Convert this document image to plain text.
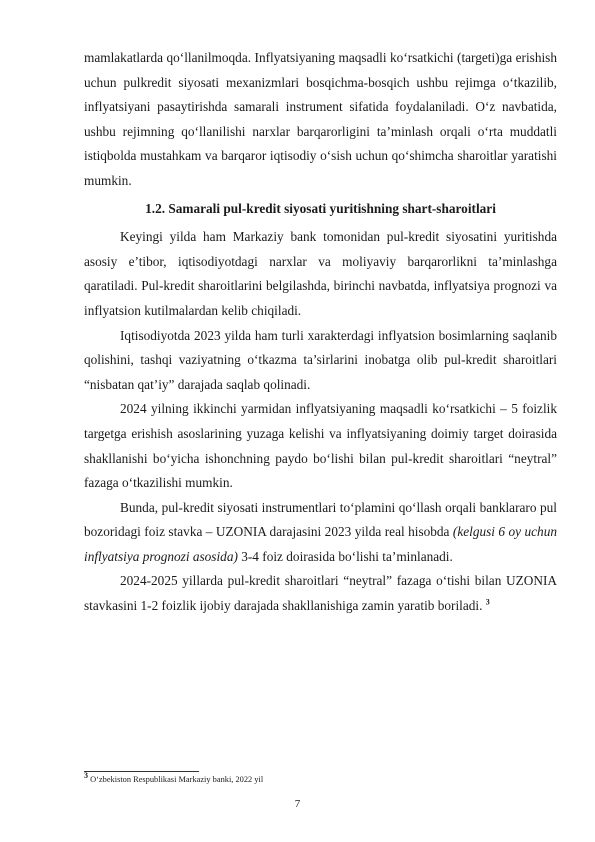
mamlakatlarda qo‘llanilmoqda. Inflyatsiyaning maqsadli ko‘rsatkichi (targeti)ga erishish uchun pulkredit siyosati mexanizmlari bosqichma-bosqich ushbu rejimga o‘tkazilib, inflyatsiyani pasaytirishda samarali instrument sifatida foydalaniladi. O‘z navbatida, ushbu rejimning qo‘llanilishi narxlar barqarorligini ta’minlash orqali o‘rta muddatli istiqbolda mustahkam va barqaror iqtisodiy o‘sish uchun qo‘shimcha sharoitlar yaratishi mumkin.

1.2. Samarali pul-kredit siyosati yuritishning shart-sharoitlari

Keyingi yilda ham Markaziy bank tomonidan pul-kredit siyosatini yuritishda asosiy e’tibor, iqtisodiyotdagi narxlar va moliyaviy barqarorlikni ta’minlashga qaratiladi. Pul-kredit sharoitlarini belgilashda, birinchi navbatda, inflyatsiya prognozi va inflyatsion kutilmalardan kelib chiqiladi.

Iqtisodiyotda 2023 yilda ham turli xarakterdagi inflyatsion bosimlarning saqlanib qolishini, tashqi vaziyatning o‘tkazma ta’sirlarini inobatga olib pul-kredit sharoitlari “nisbatan qat’iy” darajada saqlab qolinadi.

2024 yilning ikkinchi yarmidan inflyatsiyaning maqsadli ko‘rsatkichi – 5 foizlik targetga erishish asoslarining yuzaga kelishi va inflyatsiyaning doimiy target doirasida shakllanishi bo‘yicha ishonchning paydo bo‘lishi bilan pul-kredit sharoitlari “neytral” fazaga o‘tkazilishi mumkin.

Bunda, pul-kredit siyosati instrumentlari to‘plamini qo‘llash orqali banklararo pul bozoridagi foiz stavka – UZONIA darajasini 2023 yilda real hisobda (kelgusi 6 oy uchun inflyatsiya prognozi asosida) 3-4 foiz doirasida bo‘lishi ta’minlanadi.

2024-2025 yillarda pul-kredit sharoitlari “neytral” fazaga o‘tishi bilan UZONIA stavkasini 1-2 foizlik ijobiy darajada shakllanishiga zamin yaratib boriladi. $^3$

$^3$ O‘zbekiston Respublikasi Markaziy banki, 2022 yil
7
